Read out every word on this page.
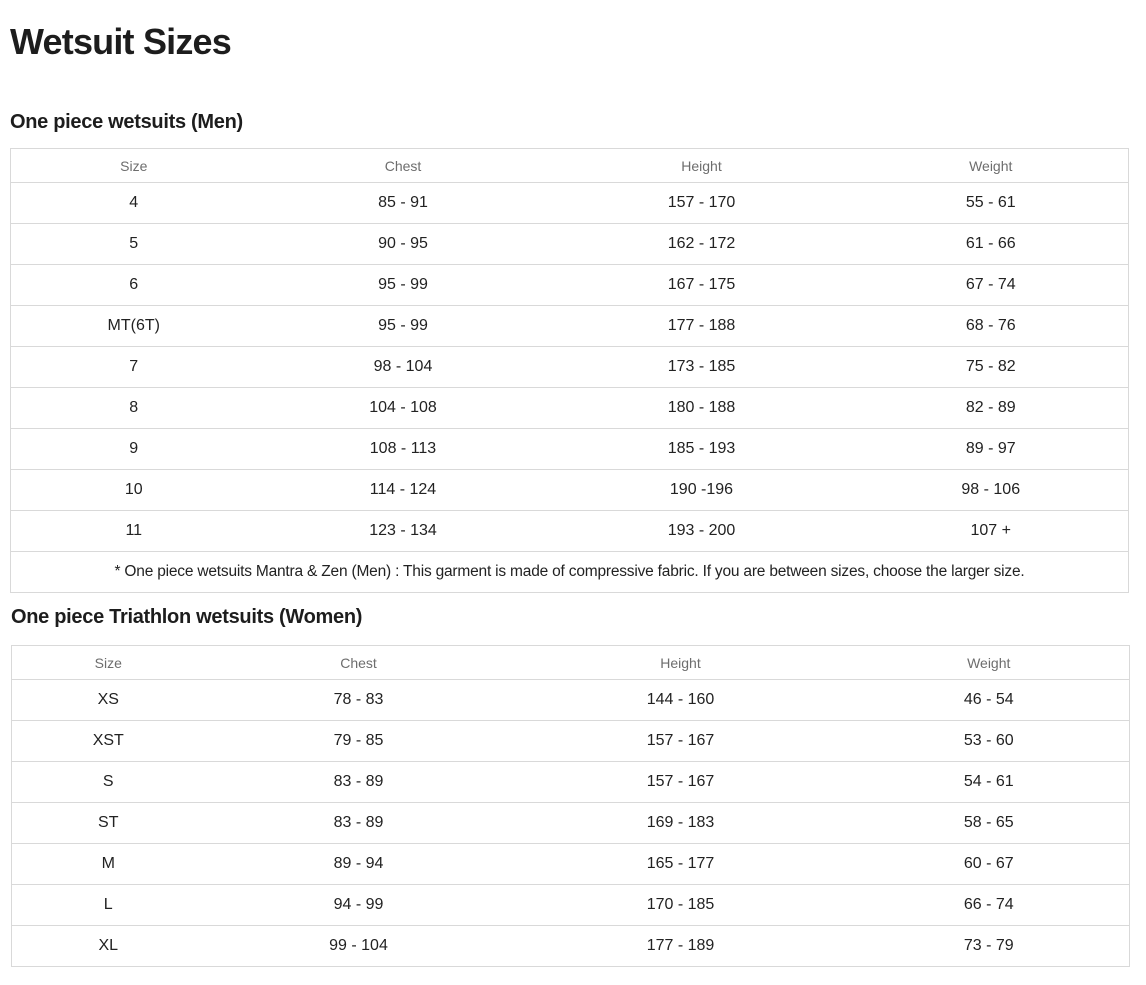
Wetsuit Sizes
One piece wetsuits (Men)
Size	Chest	Height	Weight
4	85 - 91	157 - 170	55 - 61
5	90 - 95	162 - 172	61 - 66
6	95 - 99	167 - 175	67 - 74
MT(6T)	95 - 99	177 - 188	68 - 76
7	98 - 104	173 - 185	75 - 82
8	104 - 108	180 - 188	82 - 89
9	108 - 113	185 - 193	89 - 97
10	114 - 124	190 -196	98 - 106
11	123 - 134	193 - 200	107 +
* One piece wetsuits Mantra & Zen (Men) : This garment is made of compressive fabric. If you are between sizes, choose the larger size.			
One piece Triathlon wetsuits (Women)
Size	Chest	Height	Weight
XS	78 - 83	144 - 160	46 - 54
XST	79 - 85	157 - 167	53 - 60
S	83 - 89	157 - 167	54 - 61
ST	83 - 89	169 - 183	58 - 65
M	89 - 94	165 - 177	60 - 67
L	94 - 99	170 - 185	66 - 74
XL	99 - 104	177 - 189	73 - 79
